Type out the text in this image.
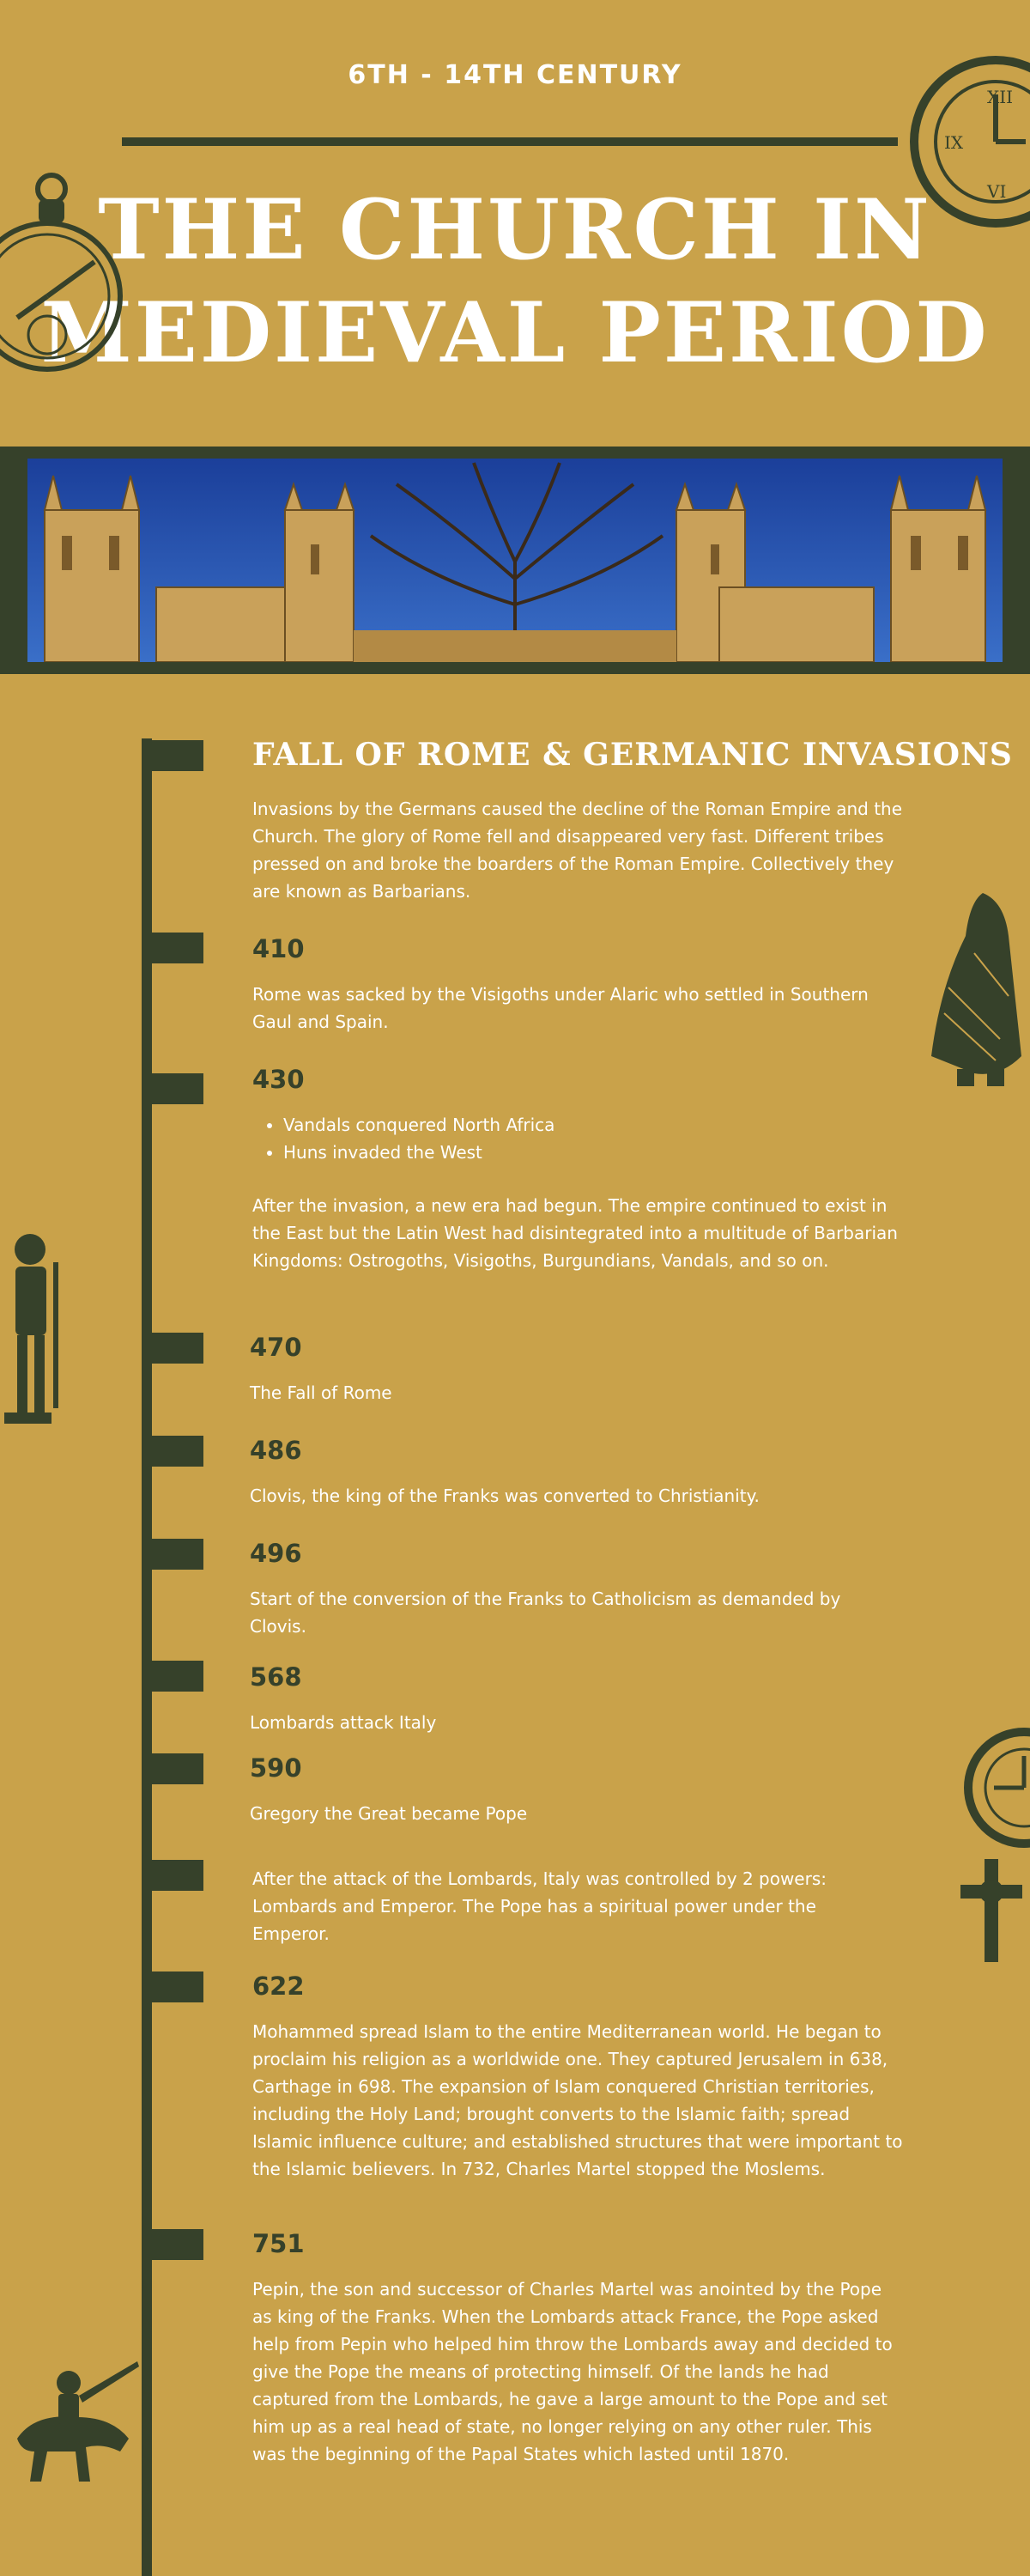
6TH - 14TH CENTURY
THE CHURCH IN
MEDIEVAL PERIOD
XII
IX
VI
FALL OF ROME & GERMANIC INVASIONS

Invasions by the Germans caused the decline of the Roman Empire and the Church. The glory of Rome fell and disappeared very fast. Different tribes pressed on and broke the boarders of the Roman Empire. Collectively they are known as Barbarians.

410

Rome was sacked by the Visigoths under Alaric who settled in Southern Gaul and Spain.

430
• Vandals conquered North Africa
• Huns invaded the West

After the invasion, a new era had begun. The empire continued to exist in the East but the Latin West had disintegrated into a multitude of Barbarian Kingdoms: Ostrogoths, Visigoths, Burgundians, Vandals, and so on.

470

The Fall of Rome

486

Clovis, the king of the Franks was converted to Christianity.

496

Start of the conversion of the Franks to Catholicism as demanded by Clovis.

568

Lombards attack Italy

590

Gregory the Great became Pope

After the attack of the Lombards, Italy was controlled by 2 powers: Lombards and Emperor. The Pope has a spiritual power under the Emperor.

622

Mohammed spread Islam to the entire Mediterranean world. He began to proclaim his religion as a worldwide one. They captured Jerusalem in 638, Carthage in 698. The expansion of Islam conquered Christian territories, including the Holy Land; brought converts to the Islamic faith; spread Islamic influence culture; and established structures that were important to the Islamic believers. In 732, Charles Martel stopped the Moslems.

751

Pepin, the son and successor of Charles Martel was anointed by the Pope as king of the Franks. When the Lombards attack France, the Pope asked help from Pepin who helped him throw the Lombards away and decided to give the Pope the means of protecting himself. Of the lands he had captured from the Lombards, he gave a large amount to the Pope and set him up as a real head of state, no longer relying on any other ruler. This was the beginning of the Papal States which lasted until 1870.
